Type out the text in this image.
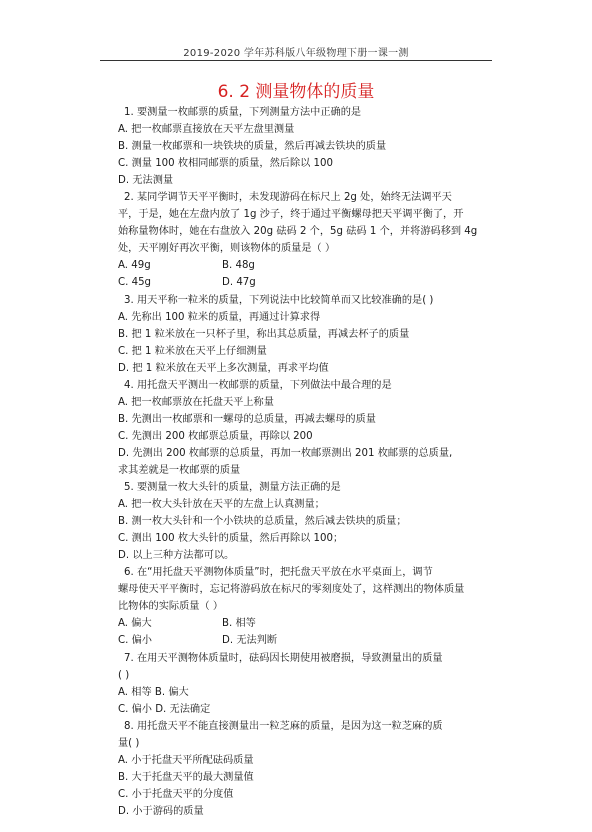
2019-2020 学年苏科版八年级物理下册一课一测
6. 2 测量物体的质量
1. 要测量一枚邮票的质量，下列测量方法中正确的是
A. 把一枚邮票直接放在天平左盘里测量
B. 测量一枚邮票和一块铁块的质量，然后再减去铁块的质量
C. 测量 100 枚相同邮票的质量，然后除以 100
D. 无法测量
2. 某同学调节天平平衡时，未发现游码在标尺上 2g 处，始终无法调平天
平，于是，她在左盘内放了 1g 沙子，终于通过平衡螺母把天平调平衡了，开
始称量物体时，她在右盘放入 20g 砝码 2 个，5g 砝码 1 个，并将游码移到 4g
处，天平刚好再次平衡，则该物体的质量是（ ）
A. 49g	B. 48g
C. 45g	D. 47g
3. 用天平称一粒米的质量，下列说法中比较简单而又比较准确的是( )
A. 先称出 100 粒米的质量，再通过计算求得
B. 把 1 粒米放在一只杯子里，称出其总质量，再减去杯子的质量
C. 把 1 粒米放在天平上仔细测量
D. 把 1 粒米放在天平上多次测量，再求平均值
4. 用托盘天平测出一枚邮票的质量，下列做法中最合理的是
A. 把一枚邮票放在托盘天平上称量
B. 先测出一枚邮票和一螺母的总质量，再减去螺母的质量
C. 先测出 200 枚邮票总质量，再除以 200
D. 先测出 200 枚邮票的总质量，再加一枚邮票测出 201 枚邮票的总质量,
求其差就是一枚邮票的质量
5. 要测量一枚大头针的质量，测量方法正确的是
A. 把一枚大头针放在天平的左盘上认真测量；
B. 测一枚大头针和一个小铁块的总质量，然后减去铁块的质量；
C. 测出 100 枚大头针的质量，然后再除以 100；
D. 以上三种方法都可以。
6. 在“用托盘天平测物体质量”时，把托盘天平放在水平桌面上，调节
螺母使天平平衡时，忘记将游码放在标尺的零刻度处了，这样测出的物体质量
比物体的实际质量（ ）
A. 偏大	B. 相等
C. 偏小	D. 无法判断
7. 在用天平测物体质量时，砝码因长期使用被磨损，导致测量出的质量
( )
A. 相等 B. 偏大
C. 偏小 D. 无法确定
8. 用托盘天平不能直接测量出一粒芝麻的质量，是因为这一粒芝麻的质
量( )
A. 小于托盘天平所配砝码质量
B. 大于托盘天平的最大测量值
C. 小于托盘天平的分度值
D. 小于游码的质量
